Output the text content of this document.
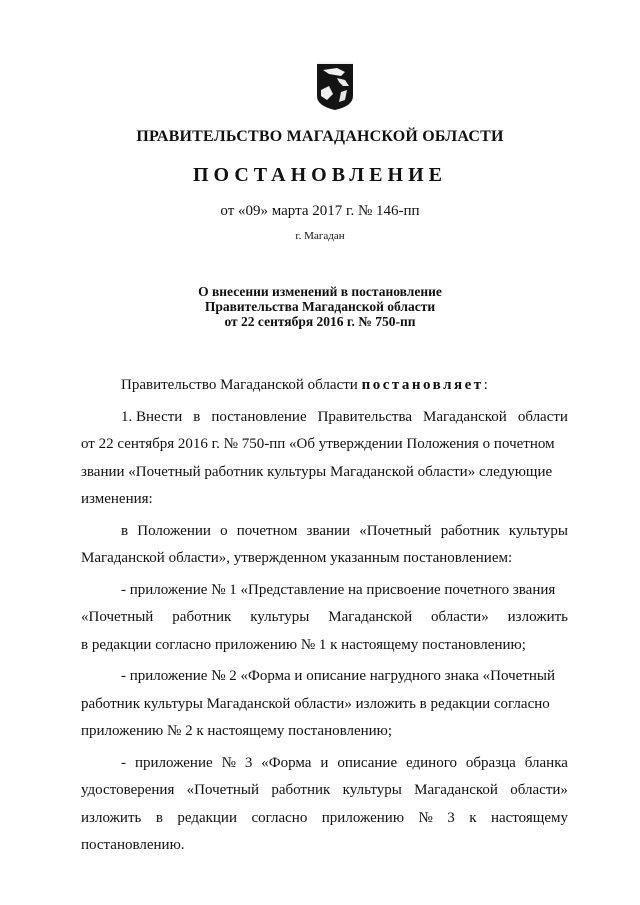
ПРАВИТЕЛЬСТВО МАГАДАНСКОЙ ОБЛАСТИ
ПОСТАНОВЛЕНИЕ
от «09» марта 2017 г. № 146-пп
г. Магадан
О внесении изменений в постановление
Правительства Магаданской области
от 22 сентября 2016 г. № 750-пп
Правительство Магаданской области постановляет:
1. Внести в постановление Правительства Магаданской области
от 22 сентября 2016 г. № 750-пп «Об утверждении Положения о почетном
звании «Почетный работник культуры Магаданской области» следующие
изменения:
в Положении о почетном звании «Почетный работник культуры
Магаданской области», утвержденном указанным постановлением:
- приложение № 1 «Представление на присвоение почетного звания
«Почетный работник культуры Магаданской области» изложить
в редакции согласно приложению № 1 к настоящему постановлению;
- приложение № 2 «Форма и описание нагрудного знака «Почетный
работник культуры Магаданской области» изложить в редакции согласно
приложению № 2 к настоящему постановлению;
- приложение № 3 «Форма и описание единого образца бланка
удостоверения «Почетный работник культуры Магаданской области»
изложить в редакции согласно приложению № 3 к настоящему
постановлению.
